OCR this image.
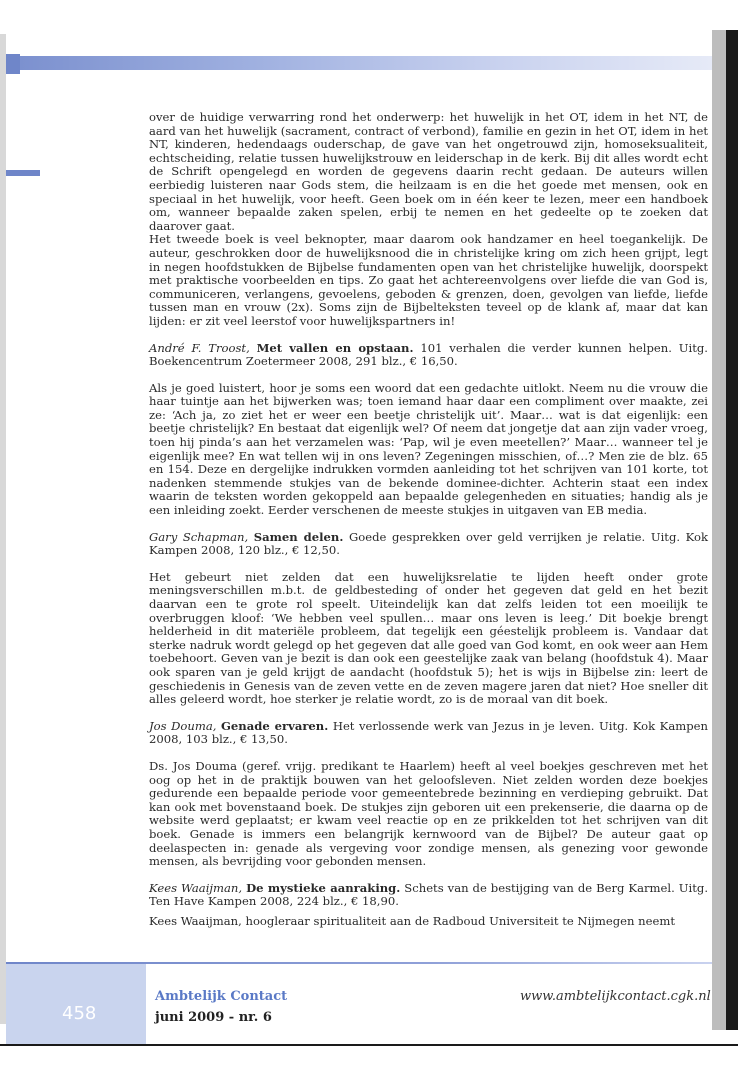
over de huidige verwarring rond het onderwerp: het huwelijk in het OT, idem in het NT, de aard van het huwelijk (sacrament, contract of verbond), familie en gezin in het OT, idem in het NT, kinderen, hedendaags ouderschap, de gave van het ongetrouwd zijn, homoseksualiteit, echtscheiding, relatie tussen huwelijkstrouw en leiderschap in de kerk. Bij dit alles wordt echt de Schrift opengelegd en worden de gegevens daarin recht gedaan. De auteurs willen eerbiedig luisteren naar Gods stem, die heilzaam is en die het goede met mensen, ook en speciaal in het huwelijk, voor heeft. Geen boek om in één keer te lezen, meer een handboek om, wanneer bepaalde zaken spelen, erbij te nemen en het gedeelte op te zoeken dat daarover gaat.

Het tweede boek is veel beknopter, maar daarom ook handzamer en heel toegankelijk. De auteur, geschrokken door de huwelijksnood die in christelijke kring om zich heen grijpt, legt in negen hoofdstukken de Bijbelse fundamenten open van het christelijke huwelijk, doorspekt met praktische voorbeelden en tips. Zo gaat het achtereenvolgens over liefde die van God is, communiceren, verlangens, gevoelens, geboden & grenzen, doen, gevolgen van liefde, liefde tussen man en vrouw (2x). Soms zijn de Bijbelteksten teveel op de klank af, maar dat kan lijden: er zit veel leerstof voor huwelijkspartners in!

André F. Troost, Met vallen en opstaan. 101 verhalen die verder kunnen helpen. Uitg. Boekencentrum Zoetermeer 2008, 291 blz., € 16,50.

Als je goed luistert, hoor je soms een woord dat een gedachte uitlokt. Neem nu die vrouw die haar tuintje aan het bijwerken was; toen iemand haar daar een compliment over maakte, zei ze: ‘Ach ja, zo ziet het er weer een beetje christelijk uit’. Maar… wat is dat eigenlijk: een beetje christelijk? En bestaat dat eigenlijk wel? Of neem dat jongetje dat aan zijn vader vroeg, toen hij pinda’s aan het verzamelen was: ‘Pap, wil je even meetellen?’ Maar… wanneer tel je eigenlijk mee? En wat tellen wij in ons leven? Zegeningen misschien, of…? Men zie de blz. 65 en 154. Deze en dergelijke indrukken vormden aanleiding tot het schrijven van 101 korte, tot nadenken stemmende stukjes van de bekende dominee-dichter. Achterin staat een index waarin de teksten worden gekoppeld aan bepaalde gelegenheden en situaties; handig als je een inleiding zoekt. Eerder verschenen de meeste stukjes in uitgaven van EB media.

Gary Schapman, Samen delen. Goede gesprekken over geld verrijken je relatie. Uitg. Kok Kampen 2008, 120 blz., € 12,50.

Het gebeurt niet zelden dat een huwelijksrelatie te lijden heeft onder grote meningsverschillen m.b.t. de geldbesteding of onder het gegeven dat geld en het bezit daarvan een te grote rol speelt. Uiteindelijk kan dat zelfs leiden tot een moeilijk te overbruggen kloof: ‘We hebben veel spullen… maar ons leven is leeg.’ Dit boekje brengt helderheid in dit materiële probleem, dat tegelijk een géestelijk probleem is. Vandaar dat sterke nadruk wordt gelegd op het gegeven dat alle goed van God komt, en ook weer aan Hem toebehoort. Geven van je bezit is dan ook een geestelijke zaak van belang (hoofdstuk 4). Maar ook sparen van je geld krijgt de aandacht (hoofdstuk 5); het is wijs in Bijbelse zin: leert de geschiedenis in Genesis van de zeven vette en de zeven magere jaren dat niet? Hoe sneller dit alles geleerd wordt, hoe sterker je relatie wordt, zo is de moraal van dit boek.

Jos Douma, Genade ervaren. Het verlossende werk van Jezus in je leven. Uitg. Kok Kampen 2008, 103 blz., € 13,50.

Ds. Jos Douma (geref. vrijg. predikant te Haarlem) heeft al veel boekjes geschreven met het oog op het in de praktijk bouwen van het geloofsleven. Niet zelden worden deze boekjes gedurende een bepaalde periode voor gemeentebrede bezinning en verdieping gebruikt. Dat kan ook met bovenstaand boek. De stukjes zijn geboren uit een prekenserie, die daarna op de website werd geplaatst; er kwam veel reactie op en ze prikkelden tot het schrijven van dit boek. Genade is immers een belangrijk kernwoord van de Bijbel? De auteur gaat op deelaspecten in: genade als vergeving voor zondige mensen, als genezing voor gewonde mensen, als bevrijding voor gebonden mensen.

Kees Waaijman, De mystieke aanraking. Schets van de bestijging van de Berg Karmel. Uitg. Ten Have Kampen 2008, 224 blz., € 18,90.

Kees Waaijman, hoogleraar spiritualiteit aan de Radboud Universiteit te Nijmegen neemt

458
Ambtelijk Contact
juni 2009 - nr. 6
www.ambtelijkcontact.cgk.nl
